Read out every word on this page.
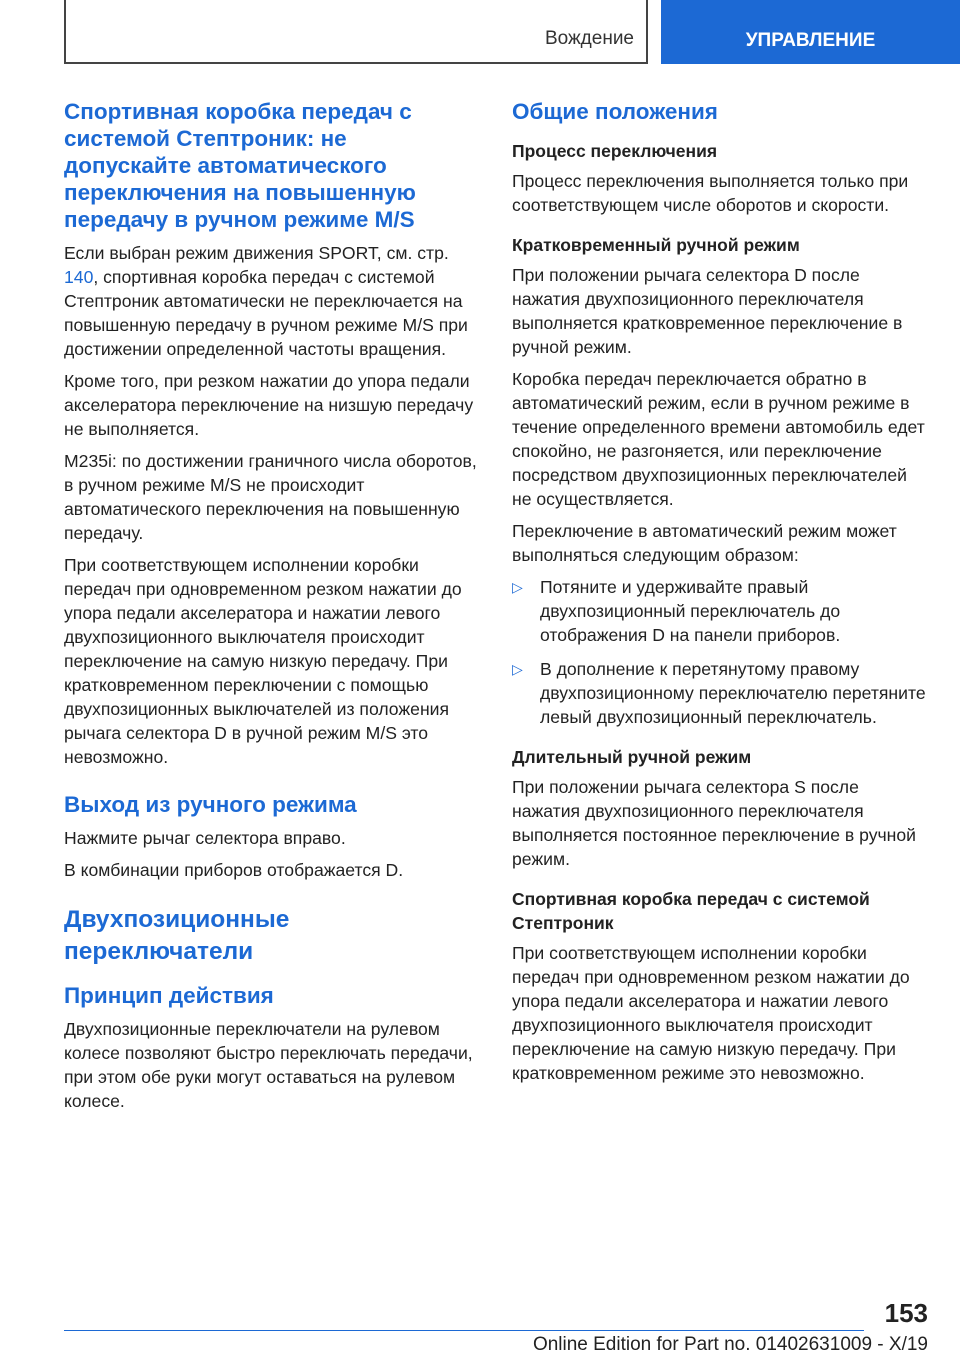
Вождение	УПРАВЛЕНИЕ
Спортивная коробка передач с системой Стептроник: не допускайте автоматического переключения на повышенную передачу в ручном режиме M/S

Если выбран режим движения SPORT, см. стр. 140, спортивная коробка передач с системой Стептроник автоматически не переключается на повышенную передачу в ручном режиме M/S при достижении определенной частоты вращения.

Кроме того, при резком нажатии до упора педали акселератора переключение на низшую передачу не выполняется.

M235i: по достижении граничного числа оборотов, в ручном режиме M/S не происходит автоматического переключения на повышенную передачу.

При соответствующем исполнении коробки передач при одновременном резком нажатии до упора педали акселератора и нажатии левого двухпозиционного выключателя происходит переключение на самую низкую передачу. При кратковременном переключении с помощью двухпозиционных выключателей из положения рычага селектора D в ручной режим M/S это невозможно.

Выход из ручного режима

Нажмите рычаг селектора вправо.

В комбинации приборов отображается D.

Двухпозиционные переключатели
Принцип действия

Двухпозиционные переключатели на рулевом колесе позволяют быстро переключать передачи, при этом обе руки могут оставаться на рулевом колесе.

Общие положения
Процесс переключения

Процесс переключения выполняется только при соответствующем числе оборотов и скорости.

Кратковременный ручной режим

При положении рычага селектора D после нажатия двухпозиционного переключателя выполняется кратковременное переключение в ручной режим.

Коробка передач переключается обратно в автоматический режим, если в ручном режиме в течение определенного времени автомобиль едет спокойно, не разгоняется, или переключение посредством двухпозиционных переключателей не осуществляется.

Переключение в автоматический режим может выполняться следующим образом:

▷ Потяните и удерживайте правый двухпозиционный переключатель до отображения D на панели приборов.
▷ В дополнение к перетянутому правому двухпозиционному переключателю перетяните левый двухпозиционный переключатель.
Длительный ручной режим

При положении рычага селектора S после нажатия двухпозиционного переключателя выполняется постоянное переключение в ручной режим.

Спортивная коробка передач с системой Стептроник

При соответствующем исполнении коробки передач при одновременном резком нажатии до упора педали акселератора и нажатии левого двухпозиционного выключателя происходит переключение на самую низкую передачу. При кратковременном режиме это невозможно.

153
Online Edition for Part no. 01402631009 - X/19
